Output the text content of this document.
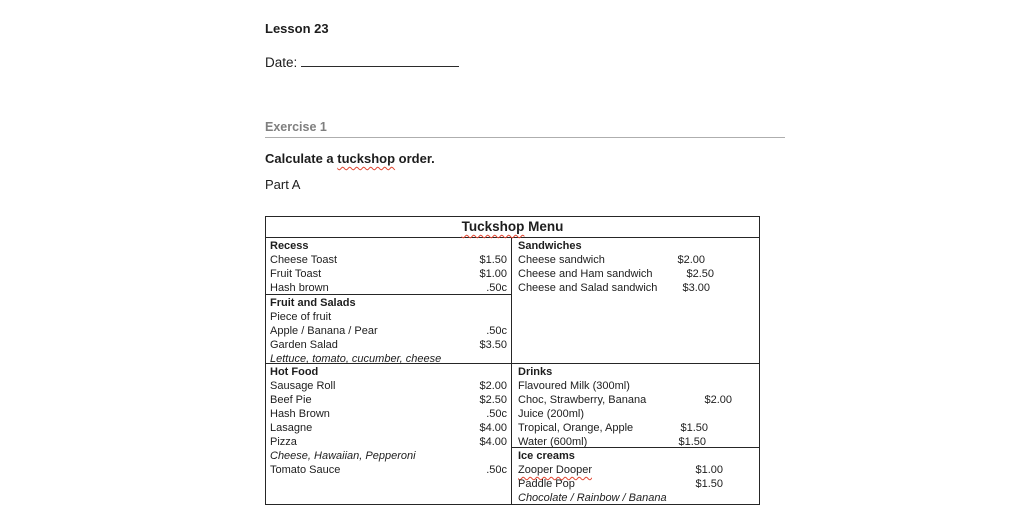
Lesson 23
Date:
Exercise 1
Calculate a tuckshop order.
Part A
Tuckshop Menu
Recess
Cheese Toast	$1.50
Fruit Toast	$1.00
Hash brown	.50c
Fruit and Salads
Piece of fruit
Apple / Banana / Pear	.50c
Garden Salad	$3.50
Lettuce, tomato, cucumber, cheese
Hot Food
Sausage Roll	$2.00
Beef Pie	$2.50
Hash Brown	.50c
Lasagne	$4.00
Pizza	$4.00
Cheese, Hawaiian, Pepperoni
Tomato Sauce	.50c
Sandwiches
Cheese sandwich	$2.00
Cheese and Ham sandwich	$2.50
Cheese and Salad sandwich $3.00
Drinks
Flavoured Milk (300ml)
Choc, Strawberry, Banana	$2.00
Juice (200ml)
Tropical, Orange, Apple	$1.50
Water (600ml)	$1.50
Ice creams
Zooper Dooper	$1.00
Paddle Pop	$1.50
Chocolate / Rainbow / Banana
